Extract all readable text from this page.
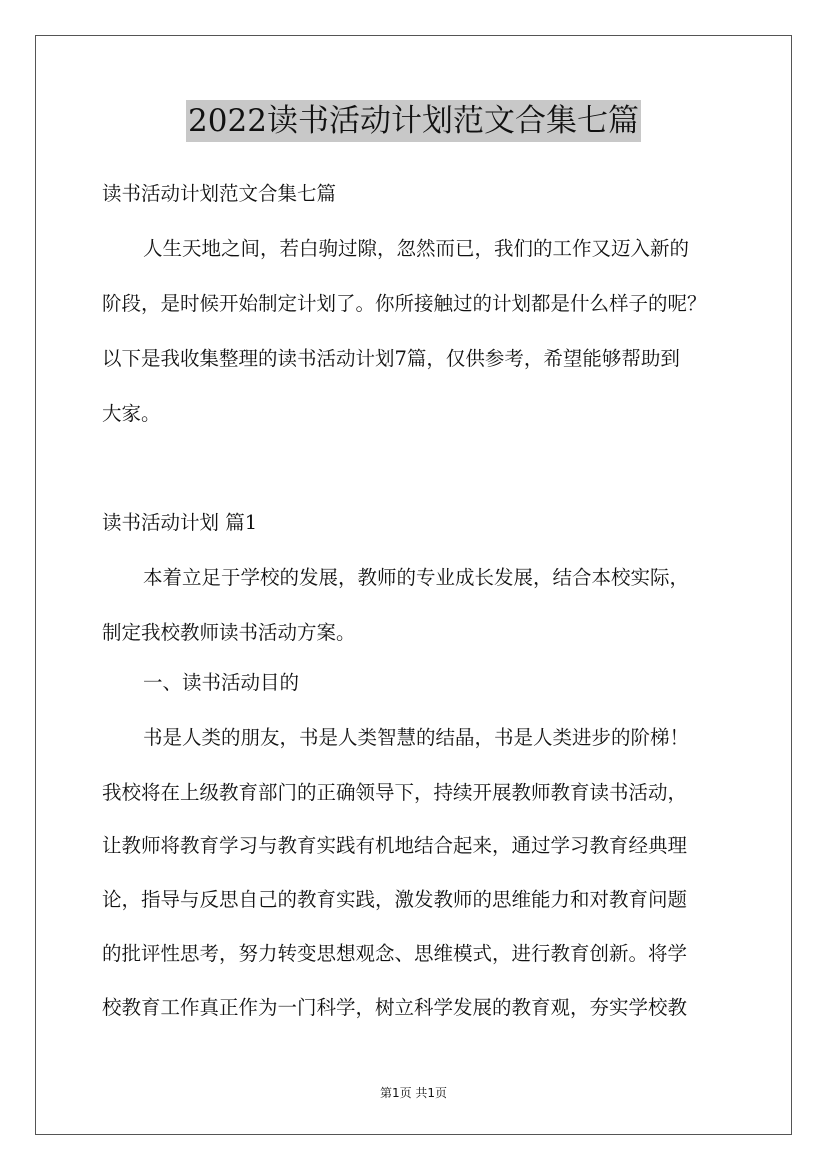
2022读书活动计划范文合集七篇
读书活动计划范文合集七篇
人生天地之间，若白驹过隙，忽然而已，我们的工作又迈入新的
阶段，是时候开始制定计划了。你所接触过的计划都是什么样子的呢？
以下是我收集整理的读书活动计划7篇，仅供参考，希望能够帮助到
大家。
读书活动计划 篇1
本着立足于学校的发展，教师的专业成长发展，结合本校实际，
制定我校教师读书活动方案。
一、读书活动目的
书是人类的朋友，书是人类智慧的结晶，书是人类进步的阶梯！
我校将在上级教育部门的正确领导下，持续开展教师教育读书活动，
让教师将教育学习与教育实践有机地结合起来，通过学习教育经典理
论，指导与反思自己的教育实践，激发教师的思维能力和对教育问题
的批评性思考，努力转变思想观念、思维模式，进行教育创新。将学
校教育工作真正作为一门科学，树立科学发展的教育观，夯实学校教
第1页 共1页
